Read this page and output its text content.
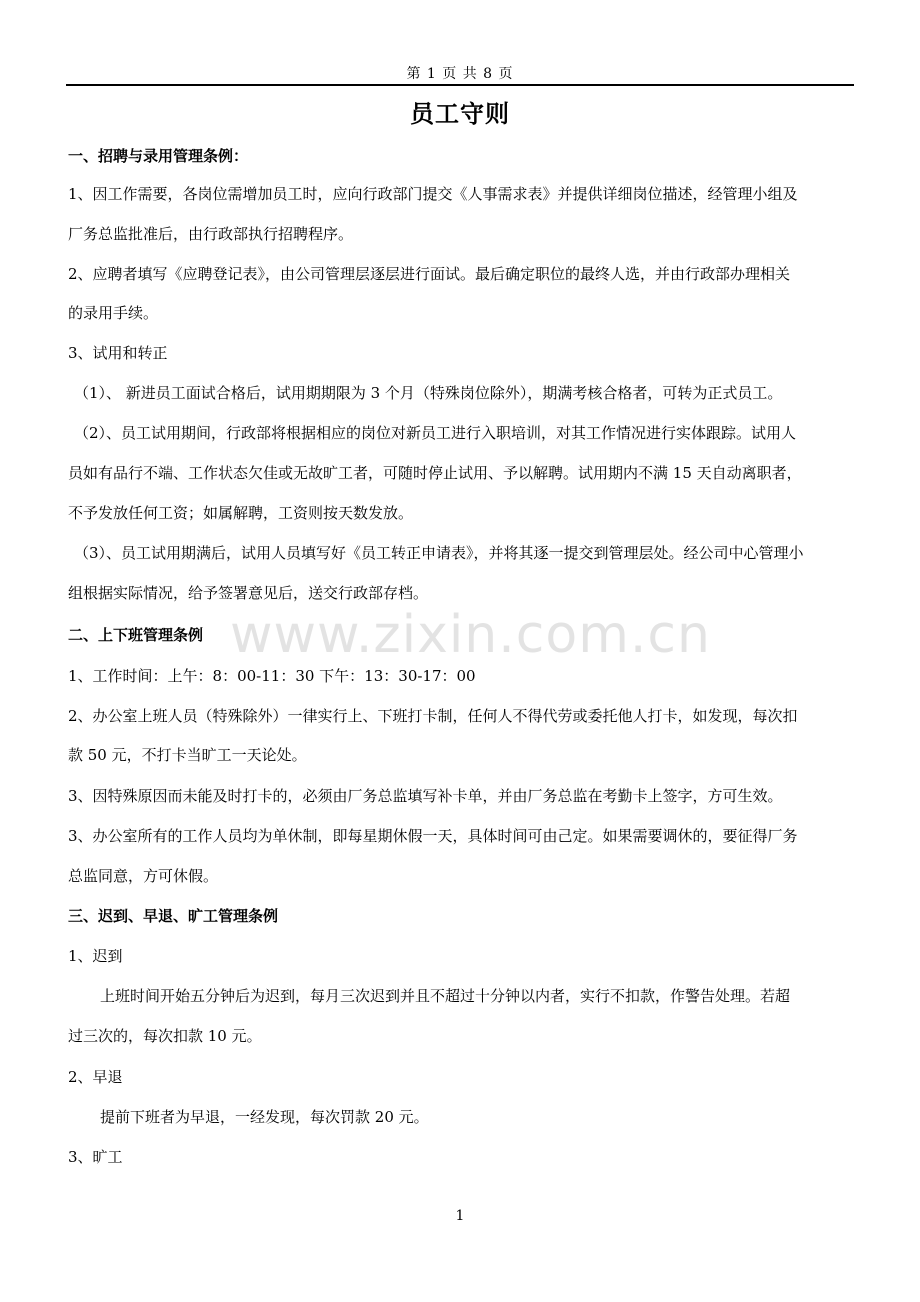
第 1 页 共 8 页
www.zixin.com.cn
员工守则
一、招聘与录用管理条例：
1、因工作需要，各岗位需增加员工时，应向行政部门提交《人事需求表》并提供详细岗位描述，经管理小组及
厂务总监批准后，由行政部执行招聘程序。
2、应聘者填写《应聘登记表》，由公司管理层逐层进行面试。最后确定职位的最终人选，并由行政部办理相关
的录用手续。
3、试用和转正
（1）、 新进员工面试合格后，试用期期限为 3 个月（特殊岗位除外），期满考核合格者，可转为正式员工。
（2）、员工试用期间，行政部将根据相应的岗位对新员工进行入职培训，对其工作情况进行实体跟踪。试用人
员如有品行不端、工作状态欠佳或无故旷工者，可随时停止试用、予以解聘。试用期内不满 15 天自动离职者，
不予发放任何工资；如属解聘，工资则按天数发放。
（3）、员工试用期满后，试用人员填写好《员工转正申请表》，并将其逐一提交到管理层处。经公司中心管理小
组根据实际情况，给予签署意见后，送交行政部存档。
二、上下班管理条例
1、工作时间：上午：8：00-11：30 下午：13：30-17：00
2、办公室上班人员（特殊除外）一律实行上、下班打卡制，任何人不得代劳或委托他人打卡，如发现，每次扣
款 50 元，不打卡当旷工一天论处。
3、因特殊原因而未能及时打卡的，必须由厂务总监填写补卡单，并由厂务总监在考勤卡上签字，方可生效。
3、办公室所有的工作人员均为单休制，即每星期休假一天，具体时间可由己定。如果需要调休的，要征得厂务
总监同意，方可休假。
三、迟到、早退、旷工管理条例
1、迟到
上班时间开始五分钟后为迟到，每月三次迟到并且不超过十分钟以内者，实行不扣款，作警告处理。若超
过三次的，每次扣款 10 元。
2、早退
提前下班者为早退，一经发现，每次罚款 20 元。
3、旷工
1
